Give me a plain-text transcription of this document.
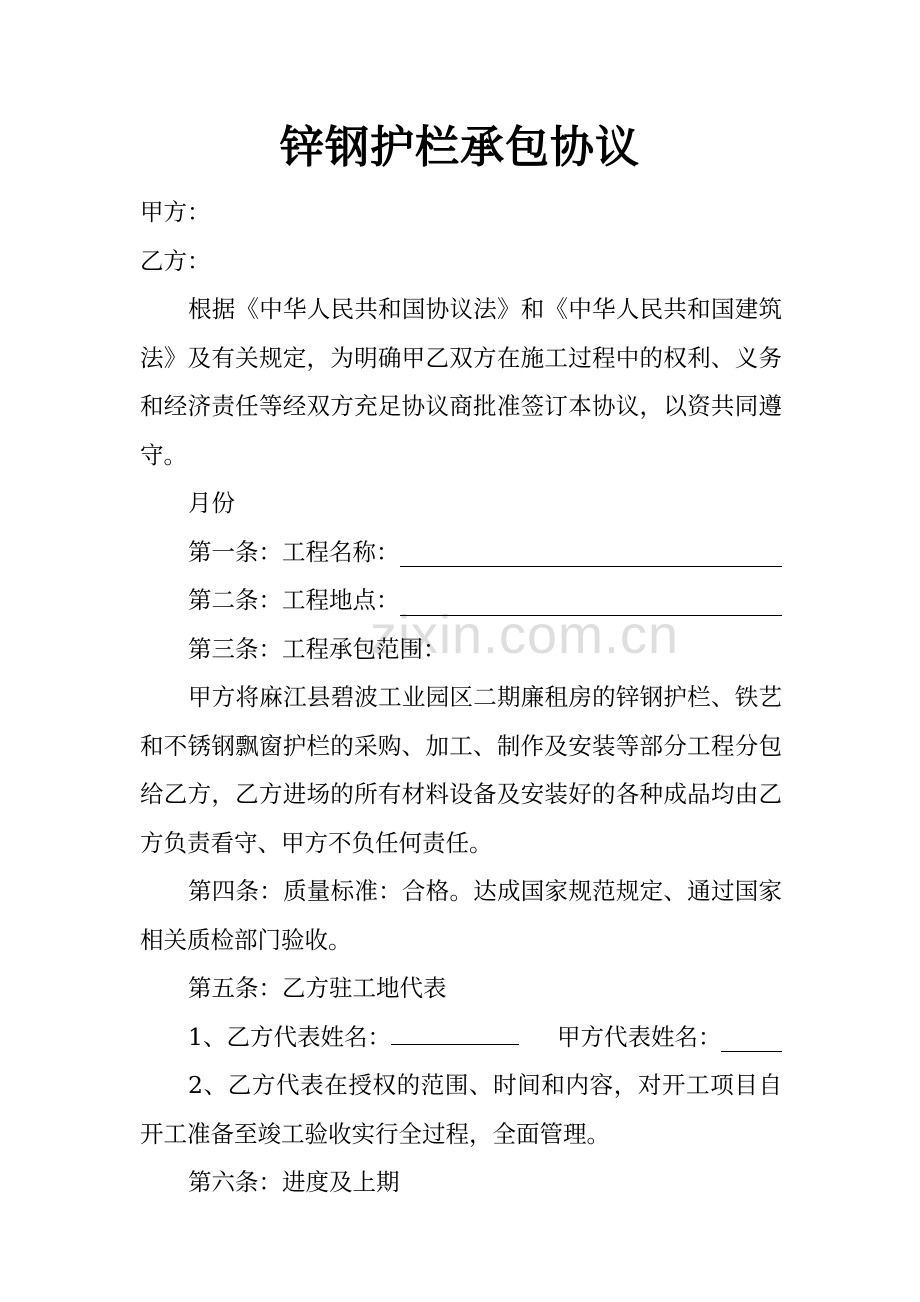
锌钢护栏承包协议
zixin.com.cn

甲方：

乙方：

根据《中华人民共和国协议法》和《中华人民共和国建筑法》及有关规定，为明确甲乙双方在施工过程中的权利、义务和经济责任等经双方充足协议商批准签订本协议，以资共同遵守。

月份

第一条：工程名称：
第二条：工程地点：

第三条：工程承包范围：

甲方将麻江县碧波工业园区二期廉租房的锌钢护栏、铁艺和不锈钢飘窗护栏的采购、加工、制作及安装等部分工程分包给乙方，乙方进场的所有材料设备及安装好的各种成品均由乙方负责看守、甲方不负任何责任。

第四条：质量标准：合格。达成国家规范规定、通过国家相关质检部门验收。

第五条：乙方驻工地代表

1、乙方代表姓名：	甲方代表姓名：

2、乙方代表在授权的范围、时间和内容，对开工项目自开工准备至竣工验收实行全过程，全面管理。

第六条：进度及上期
